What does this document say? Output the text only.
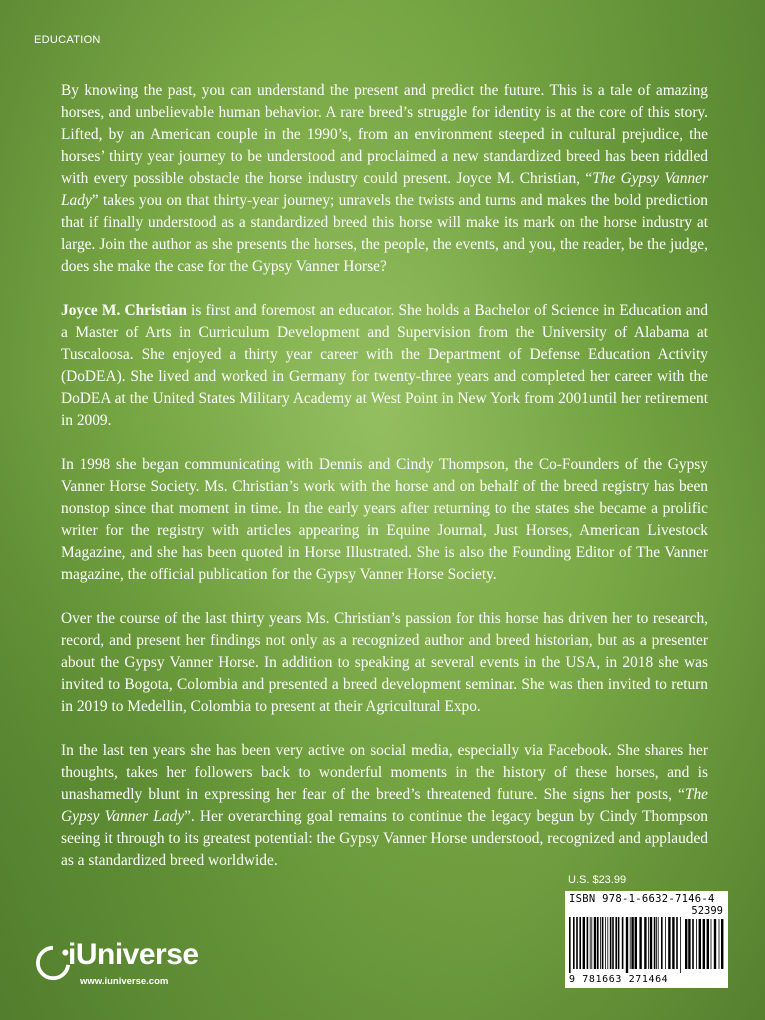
EDUCATION

By knowing the past, you can understand the present and predict the future. This is a tale of amazing horses, and unbelievable human behavior. A rare breed’s struggle for identity is at the core of this story. Lifted, by an American couple in the 1990’s, from an environment steeped in cultural prejudice, the horses’ thirty year journey to be understood and proclaimed a new standardized breed has been riddled with every possible obstacle the horse industry could present. Joyce M. Christian, “The Gypsy Vanner Lady” takes you on that thirty-year journey; unravels the twists and turns and makes the bold prediction that if finally understood as a standardized breed this horse will make its mark on the horse industry at large. Join the author as she presents the horses, the people, the events, and you, the reader, be the judge, does she make the case for the Gypsy Vanner Horse?

Joyce M. Christian is first and foremost an educator. She holds a Bachelor of Science in Education and a Master of Arts in Curriculum Development and Supervision from the University of Alabama at Tuscaloosa. She enjoyed a thirty year career with the Department of Defense Education Activity (DoDEA). She lived and worked in Germany for twenty-three years and completed her career with the DoDEA at the United States Military Academy at West Point in New York from 2001until her retirement in 2009.

In 1998 she began communicating with Dennis and Cindy Thompson, the Co-Founders of the Gypsy Vanner Horse Society. Ms. Christian’s work with the horse and on behalf of the breed registry has been nonstop since that moment in time. In the early years after returning to the states she became a prolific writer for the registry with articles appearing in Equine Journal, Just Horses, American Livestock Magazine, and she has been quoted in Horse Illustrated. She is also the Founding Editor of The Vanner magazine, the official publication for the Gypsy Vanner Horse Society.

Over the course of the last thirty years Ms. Christian’s passion for this horse has driven her to research, record, and present her findings not only as a recognized author and breed historian, but as a presenter about the Gypsy Vanner Horse. In addition to speaking at several events in the USA, in 2018 she was invited to Bogota, Colombia and presented a breed development seminar. She was then invited to return in 2019 to Medellin, Colombia to present at their Agricultural Expo.

In the last ten years she has been very active on social media, especially via Facebook. She shares her thoughts, takes her followers back to wonderful moments in the history of these horses, and is unashamedly blunt in expressing her fear of the breed’s threatened future. She signs her posts, “The Gypsy Vanner Lady”. Her overarching goal remains to continue the legacy begun by Cindy Thompson seeing it through to its greatest potential: the Gypsy Vanner Horse understood, recognized and applauded as a standardized breed worldwide.

U.S. $23.99
ISBN 978-1-6632-7146-4
52399
9 781663 271464
iUniverse
www.iuniverse.com
